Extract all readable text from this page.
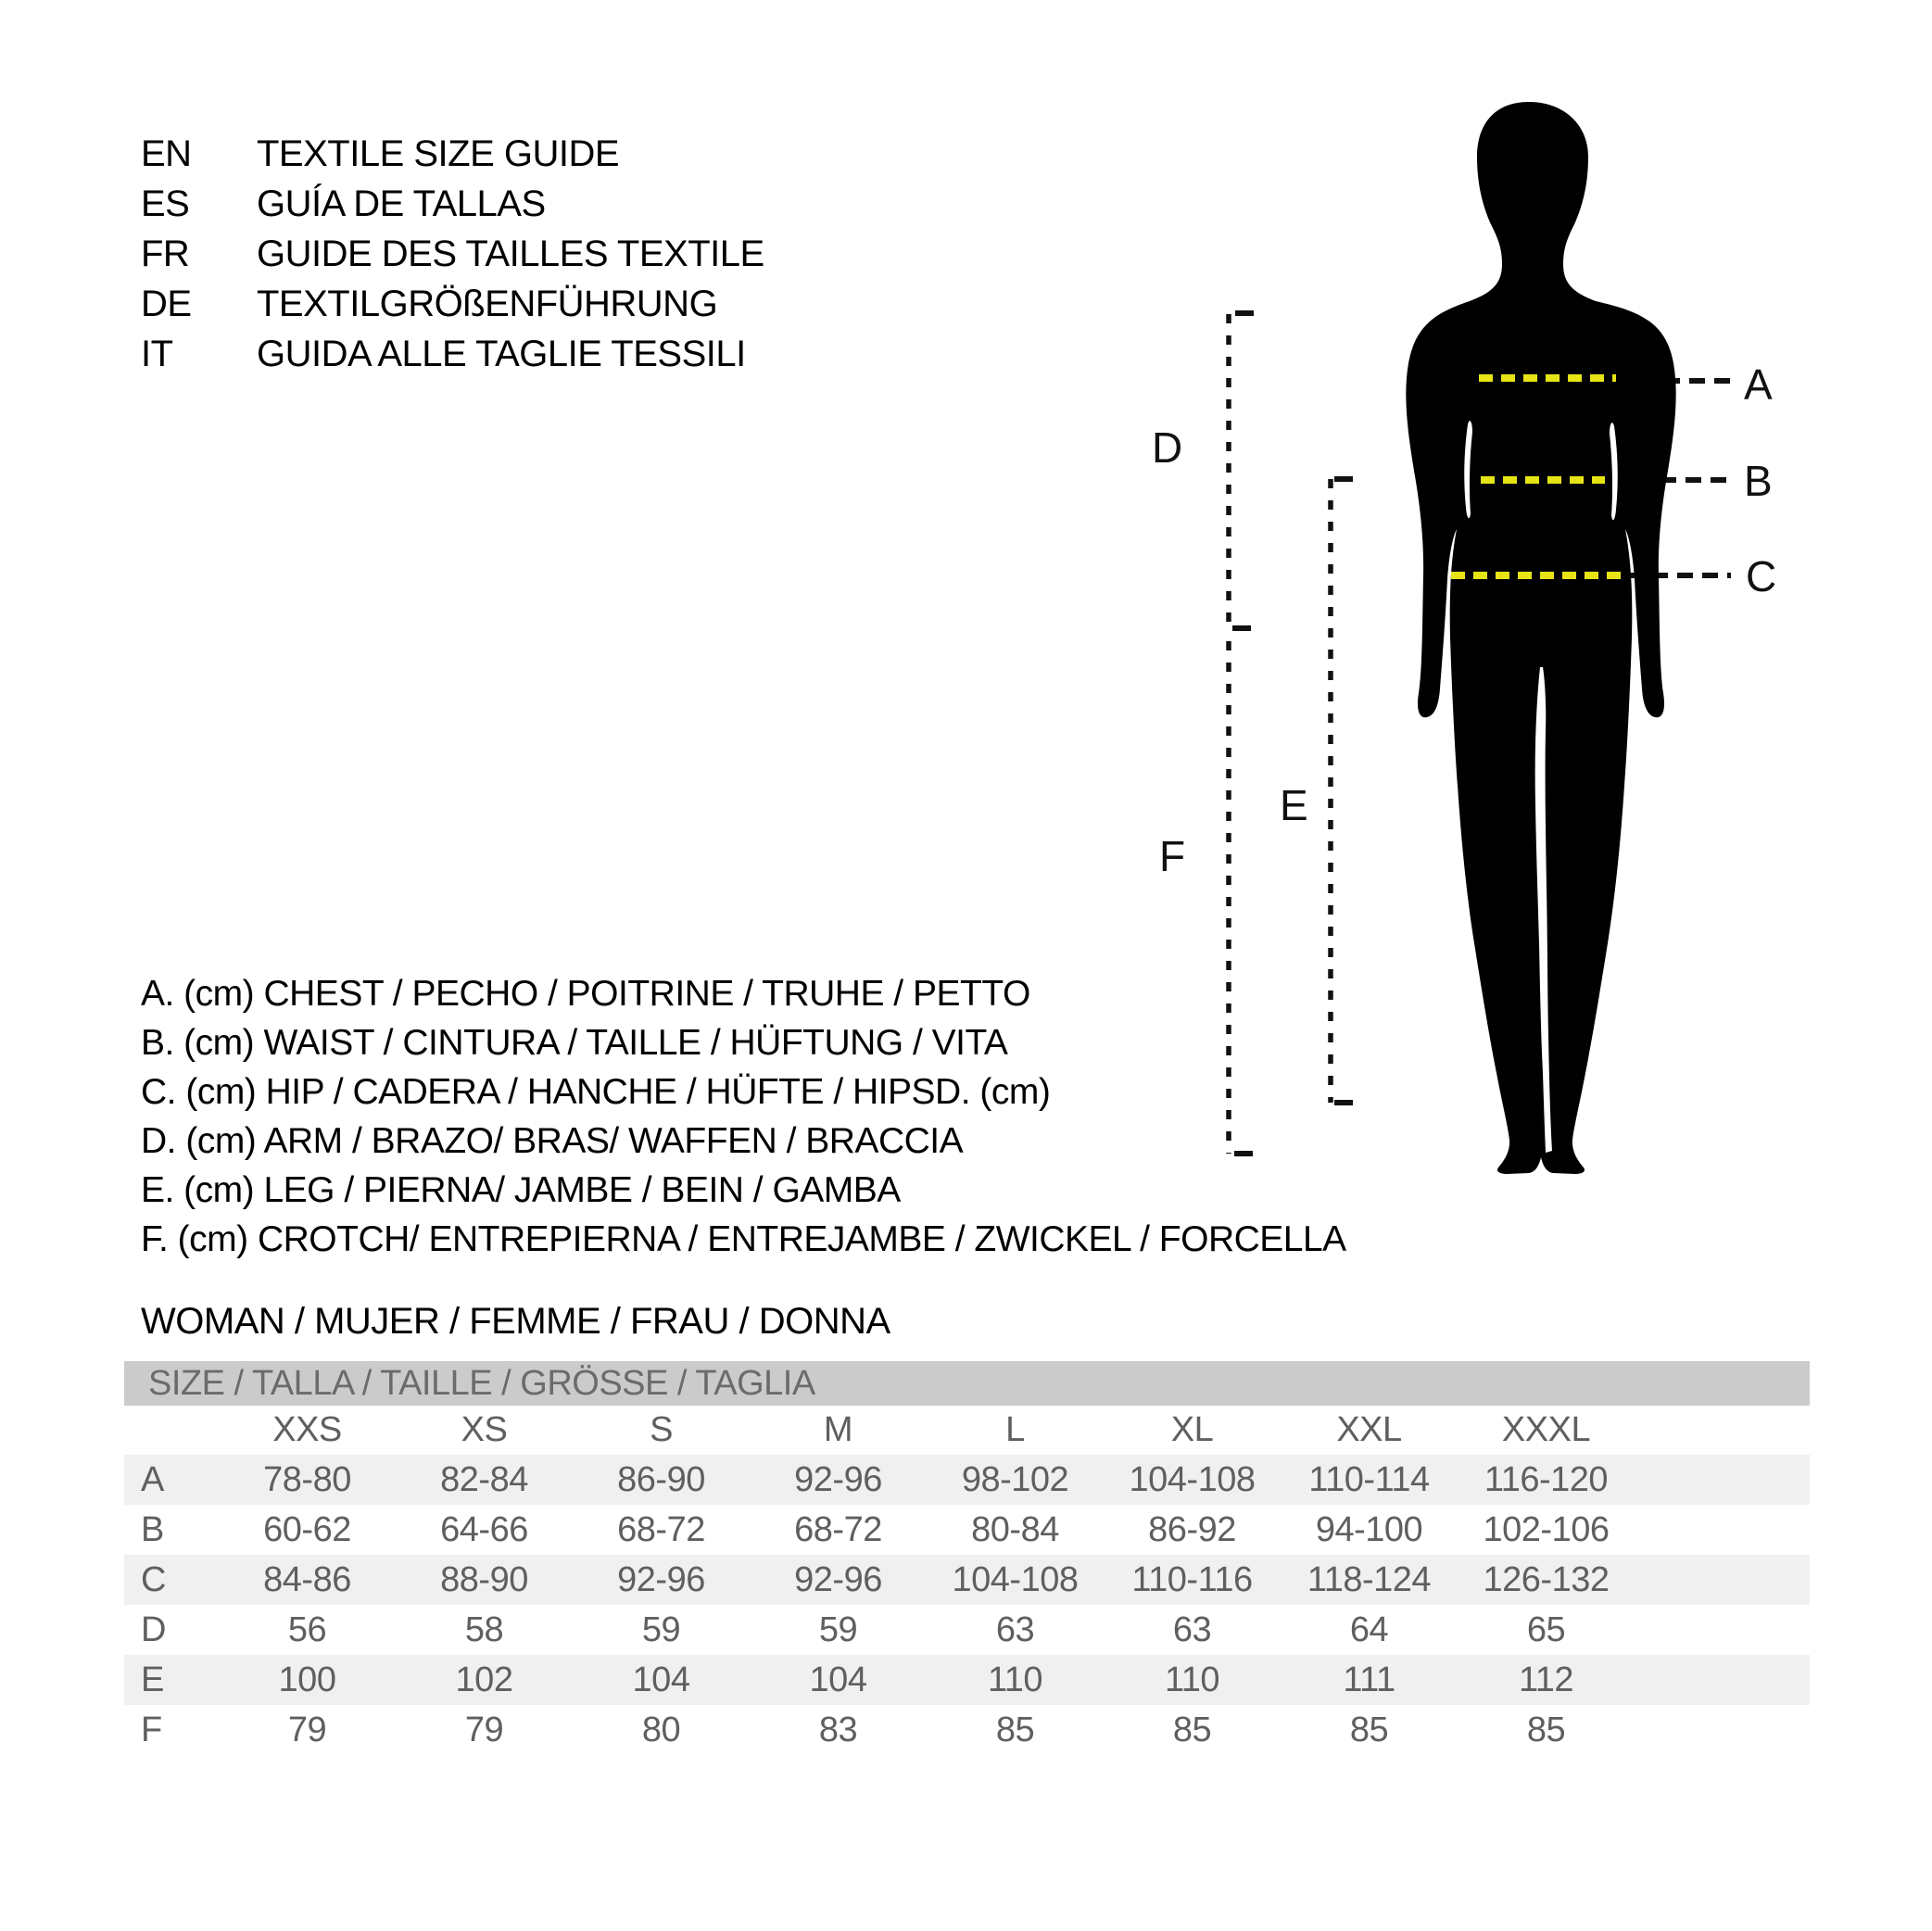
EN	TEXTILE SIZE GUIDE
ES	GUÍA DE TALLAS
FR	GUIDE DES TAILLES TEXTILE
DE	TEXTILGRÖßENFÜHRUNG
IT	GUIDA ALLE TAGLIE TESSILI
A. (cm) CHEST / PECHO / POITRINE / TRUHE / PETTO
B. (cm) WAIST / CINTURA / TAILLE / HÜFTUNG / VITA
C. (cm) HIP / CADERA / HANCHE / HÜFTE / HIPSD. (cm)
D. (cm) ARM / BRAZO/ BRAS/ WAFFEN / BRACCIA
E. (cm) LEG / PIERNA/ JAMBE / BEIN / GAMBA
F. (cm) CROTCH/ ENTREPIERNA / ENTREJAMBE / ZWICKEL / FORCELLA
WOMAN / MUJER / FEMME / FRAU / DONNA
SIZE / TALLA / TAILLE / GRÖSSE / TAGLIA
	XXS	XS	S	M	L	XL	XXL	XXXL	
A	78-80	82-84	86-90	92-96	98-102	104-108	110-114	116-120	
B	60-62	64-66	68-72	68-72	80-84	86-92	94-100	102-106	
C	84-86	88-90	92-96	92-96	104-108	110-116	118-124	126-132	
D	56	58	59	59	63	63	64	65	
E	100	102	104	104	110	110	111	112	
F	79	79	80	83	85	85	85	85	
A
B
C
D
E
F
